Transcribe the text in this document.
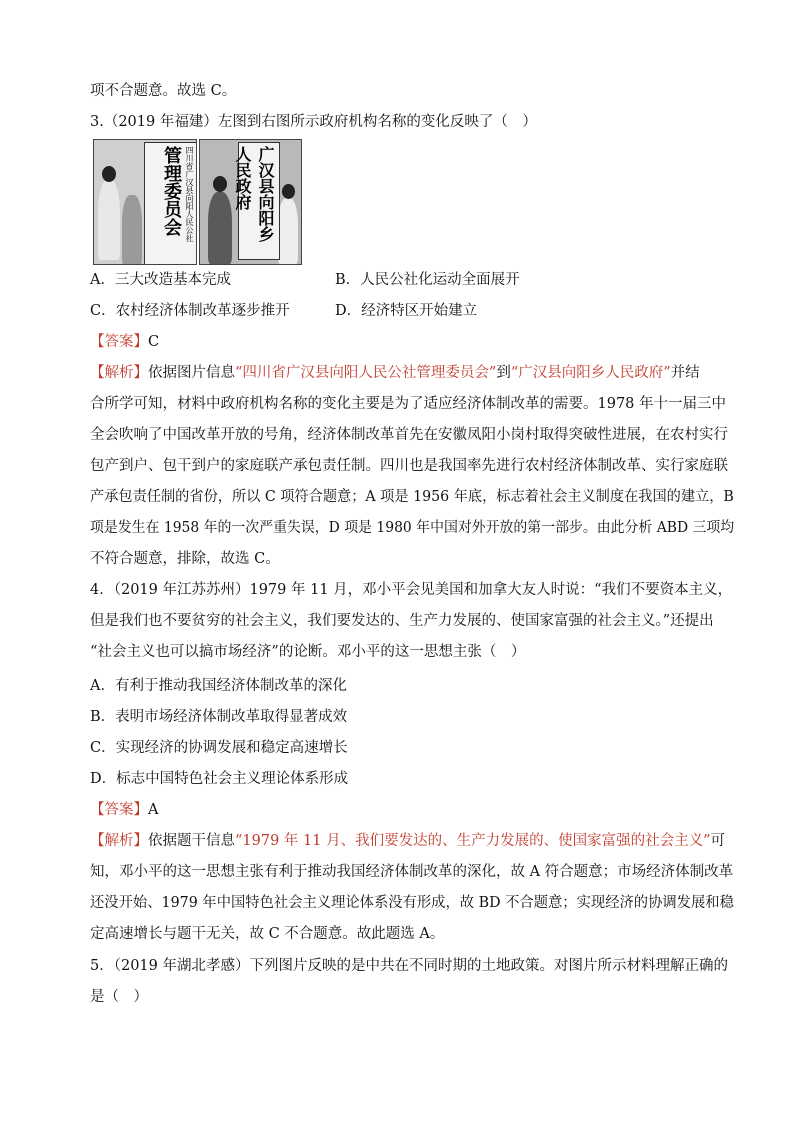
项不合题意。故选 C。
3.（2019 年福建）左图到右图所示政府机构名称的变化反映了（　）
四川省广汉县向阳人民公社 管理委员会	广汉县向阳乡人民政府
A．三大改造基本完成	B．人民公社化运动全面展开
C．农村经济体制改革逐步推开	D．经济特区开始建立
【答案】C
【解析】依据图片信息“四川省广汉县向阳人民公社管理委员会”到“广汉县向阳乡人民政府”并结
合所学可知，材料中政府机构名称的变化主要是为了适应经济体制改革的需要。1978 年十一届三中
全会吹响了中国改革开放的号角，经济体制改革首先在安徽凤阳小岗村取得突破性进展，在农村实行
包产到户、包干到户的家庭联产承包责任制。四川也是我国率先进行农村经济体制改革、实行家庭联
产承包责任制的省份，所以 C 项符合题意；A 项是 1956 年底，标志着社会主义制度在我国的建立，B
项是发生在 1958 年的一次严重失误，D 项是 1980 年中国对外开放的第一部步。由此分析 ABD 三项均
不符合题意，排除，故选 C。
4．（2019 年江苏苏州）1979 年 11 月，邓小平会见美国和加拿大友人时说：“我们不要资本主义，
但是我们也不要贫穷的社会主义，我们要发达的、生产力发展的、使国家富强的社会主义。”还提出
“社会主义也可以搞市场经济”的论断。邓小平的这一思想主张（　）
A．有利于推动我国经济体制改革的深化
B．表明市场经济体制改革取得显著成效
C．实现经济的协调发展和稳定高速增长
D．标志中国特色社会主义理论体系形成
【答案】A
【解析】依据题干信息“1979 年 11 月、我们要发达的、生产力发展的、使国家富强的社会主义”可
知，邓小平的这一思想主张有利于推动我国经济体制改革的深化，故 A 符合题意；市场经济体制改革
还没开始、1979 年中国特色社会主义理论体系没有形成，故 BD 不合题意；实现经济的协调发展和稳
定高速增长与题干无关，故 C 不合题意。故此题选 A。
5．（2019 年湖北孝感）下列图片反映的是中共在不同时期的土地政策。对图片所示材料理解正确的
是（　）
